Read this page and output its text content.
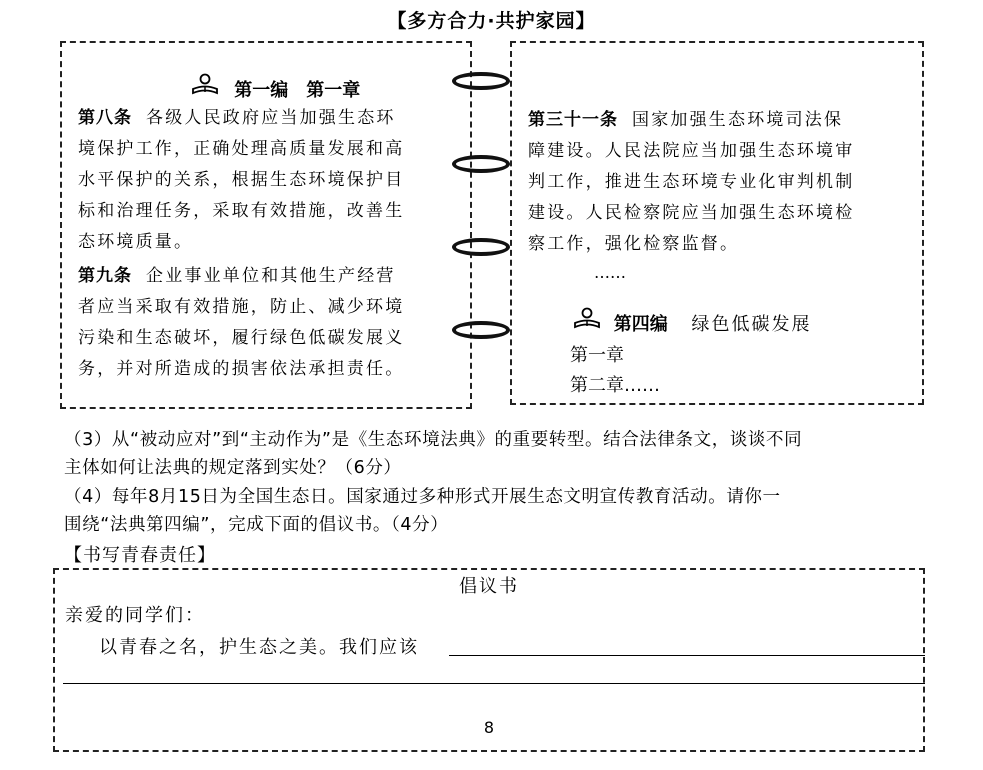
【多方合力·共护家园】
第一编　第一章
第八条 各级人民政府应当加强生态环
境保护工作，正确处理高质量发展和高
水平保护的关系，根据生态环境保护目
标和治理任务，采取有效措施，改善生
态环境质量。
第九条 企业事业单位和其他生产经营
者应当采取有效措施，防止、减少环境
污染和生态破坏，履行绿色低碳发展义
务，并对所造成的损害依法承担责任。
第三十一条 国家加强生态环境司法保
障建设。人民法院应当加强生态环境审
判工作，推进生态环境专业化审判机制
建设。人民检察院应当加强生态环境检
察工作，强化检察监督。
……
第四编 绿色低碳发展
第一章
第二章……
（3）从“被动应对”到“主动作为”是《生态环境法典》的重要转型。结合法律条文，谈谈不同
主体如何让法典的规定落到实处？（6分）
（4）每年8月15日为全国生态日。国家通过多种形式开展生态文明宣传教育活动。请你一
围绕“法典第四编”，完成下面的倡议书。（4分）
【书写青春责任】
倡议书
亲爱的同学们：
以青春之名，护生态之美。我们应该
8
